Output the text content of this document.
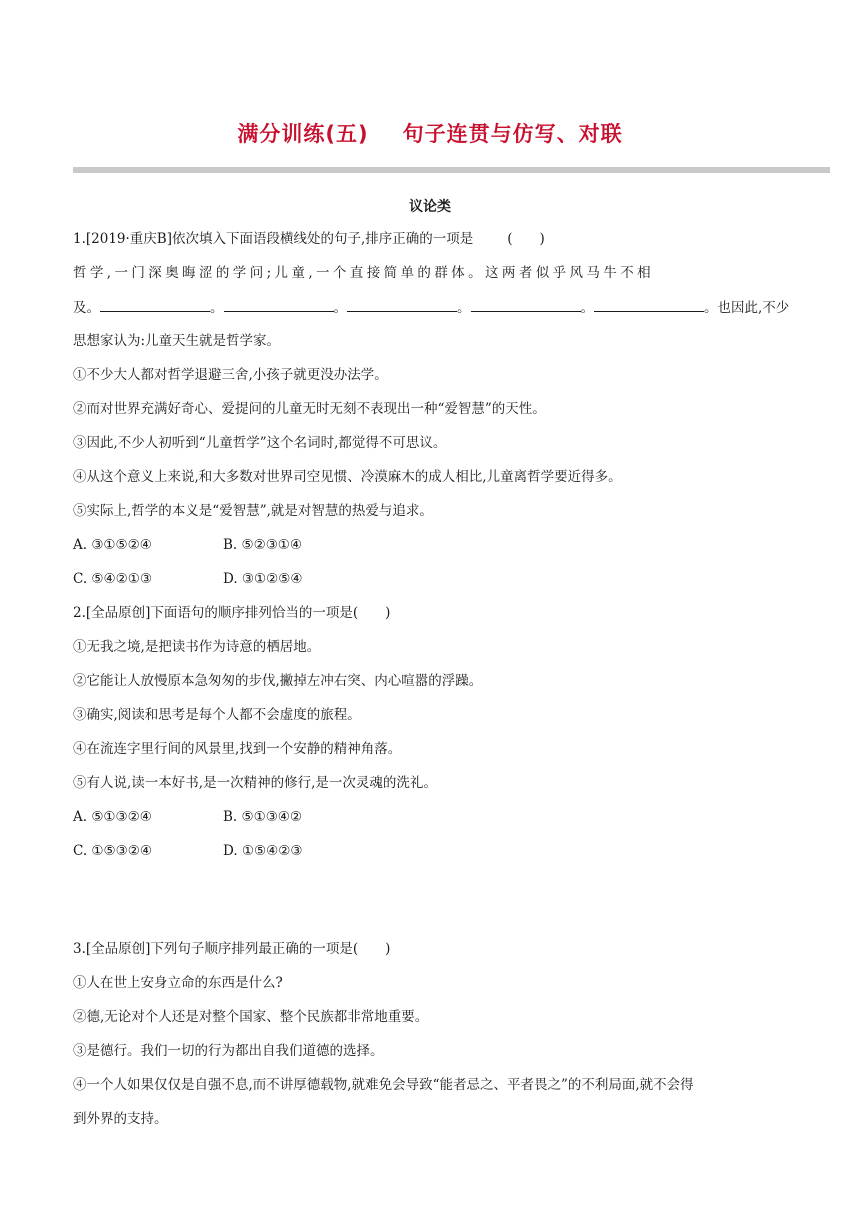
满分训练(五) 句子连贯与仿写、对联
议论类
1.[2019·重庆B]依次填入下面语段横线处的句子,排序正确的一项是	(　　)
哲学,一门深奥晦涩的学问;儿童,一个直接简单的群体。这两者似乎风马牛不相
及。	。	。	。	。	。也因此,不少
思想家认为:儿童天生就是哲学家。
①不少大人都对哲学退避三舍,小孩子就更没办法学。
②而对世界充满好奇心、爱提问的儿童无时无刻不表现出一种“爱智慧”的天性。
③因此,不少人初听到“儿童哲学”这个名词时,都觉得不可思议。
④从这个意义上来说,和大多数对世界司空见惯、冷漠麻木的成人相比,儿童离哲学要近得多。
⑤实际上,哲学的本义是“爱智慧”,就是对智慧的热爱与追求。
A. ③①⑤②④	B. ⑤②③①④
C. ⑤④②①③	D. ③①②⑤④
2.[全品原创]下面语句的顺序排列恰当的一项是(　　)
①无我之境,是把读书作为诗意的栖居地。
②它能让人放慢原本急匆匆的步伐,撇掉左冲右突、内心喧嚣的浮躁。
③确实,阅读和思考是每个人都不会虚度的旅程。
④在流连字里行间的风景里,找到一个安静的精神角落。
⑤有人说,读一本好书,是一次精神的修行,是一次灵魂的洗礼。
A. ⑤①③②④	B. ⑤①③④②
C. ①⑤③②④	D. ①⑤④②③
3.[全品原创]下列句子顺序排列最正确的一项是(　　)
①人在世上安身立命的东西是什么?
②德,无论对个人还是对整个国家、整个民族都非常地重要。
③是德行。我们一切的行为都出自我们道德的选择。
④一个人如果仅仅是自强不息,而不讲厚德载物,就难免会导致“能者忌之、平者畏之”的不利局面,就不会得
到外界的支持。
